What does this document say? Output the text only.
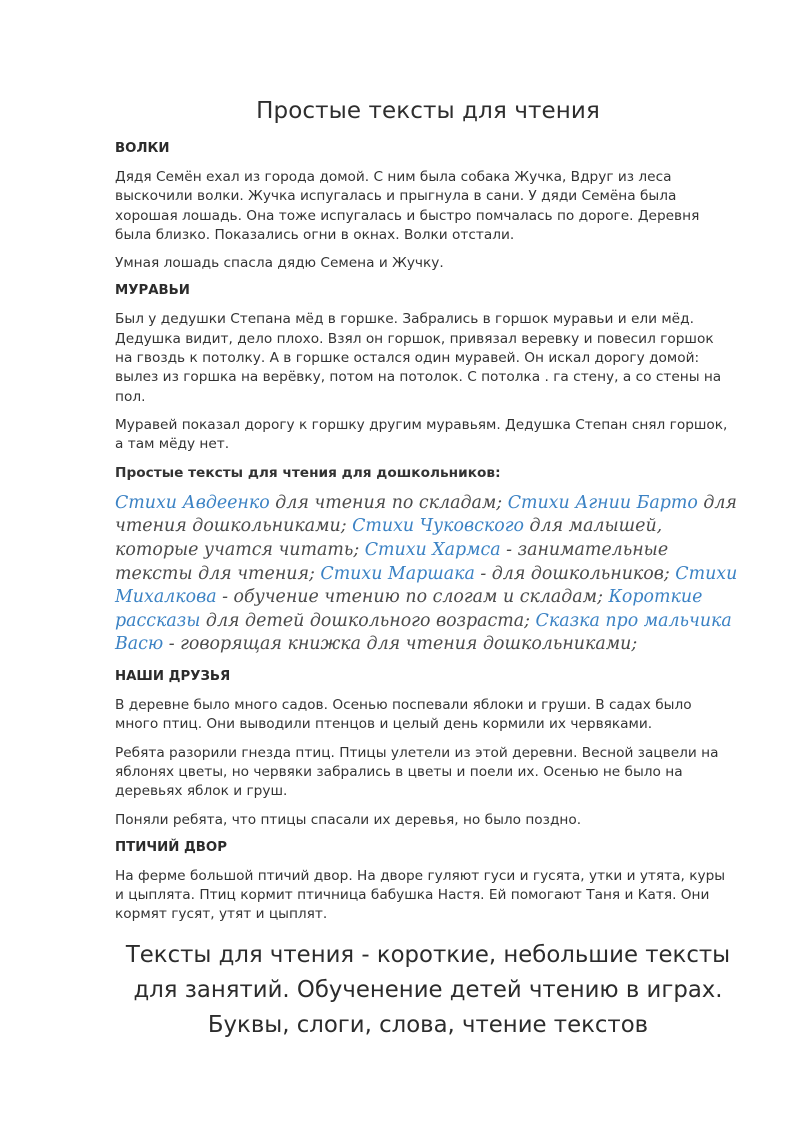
Простые тексты для чтения
ВОЛКИ

Дядя Семён ехал из города домой. С ним была собака Жучка, Вдруг из леса выскочили волки. Жучка испугалась и прыгнула в сани. У дяди Семёна была хорошая лошадь. Она тоже испугалась и быстро помчалась по дороге. Деревня была близко. Показались огни в окнах. Волки отстали.

Умная лошадь спасла дядю Семена и Жучку.

МУРАВЬИ

Был у дедушки Степана мёд в горшке. Забрались в горшок муравьи и ели мёд. Дедушка видит, дело плохо. Взял он горшок, привязал веревку и повесил горшок на гвоздь к потолку. А в горшке остался один муравей. Он искал дорогу домой: вылез из горшка на верёвку, потом на потолок. С потолка . га стену, а со стены на пол.

Муравей показал дорогу к горшку другим муравьям. Дедушка Степан снял горшок, а там мёду нет.

Простые тексты для чтения для дошкольников:
Стихи Авдеенко для чтения по складам; Стихи Агнии Барто для чтения дошкольниками; Стихи Чуковского для малышей, которые учатся читать; Стихи Хармса - занимательные тексты для чтения; Стихи Маршака - для дошкольников; Стихи Михалкова - обучение чтению по слогам и складам; Короткие рассказы для детей дошкольного возраста; Сказка про мальчика Васю - говорящая книжка для чтения дошкольниками;
НАШИ ДРУЗЬЯ

В деревне было много садов. Осенью поспевали яблоки и груши. В садах было много птиц. Они выводили птенцов и целый день кормили их червяками.

Ребята разорили гнезда птиц. Птицы улетели из этой деревни. Весной зацвели на яблонях цветы, но червяки забрались в цветы и поели их. Осенью не было на деревьях яблок и груш.

Поняли ребята, что птицы спасали их деревья, но было поздно.

ПТИЧИЙ ДВОР

На ферме большой птичий двор. На дворе гуляют гуси и гусята, утки и утята, куры и цыплята. Птиц кормит птичница бабушка Настя. Ей помогают Таня и Катя. Они кормят гусят, утят и цыплят.

Тексты для чтения - короткие, небольшие тексты
для занятий. Обученение детей чтению в играх.
Буквы, слоги, слова, чтение текстов
